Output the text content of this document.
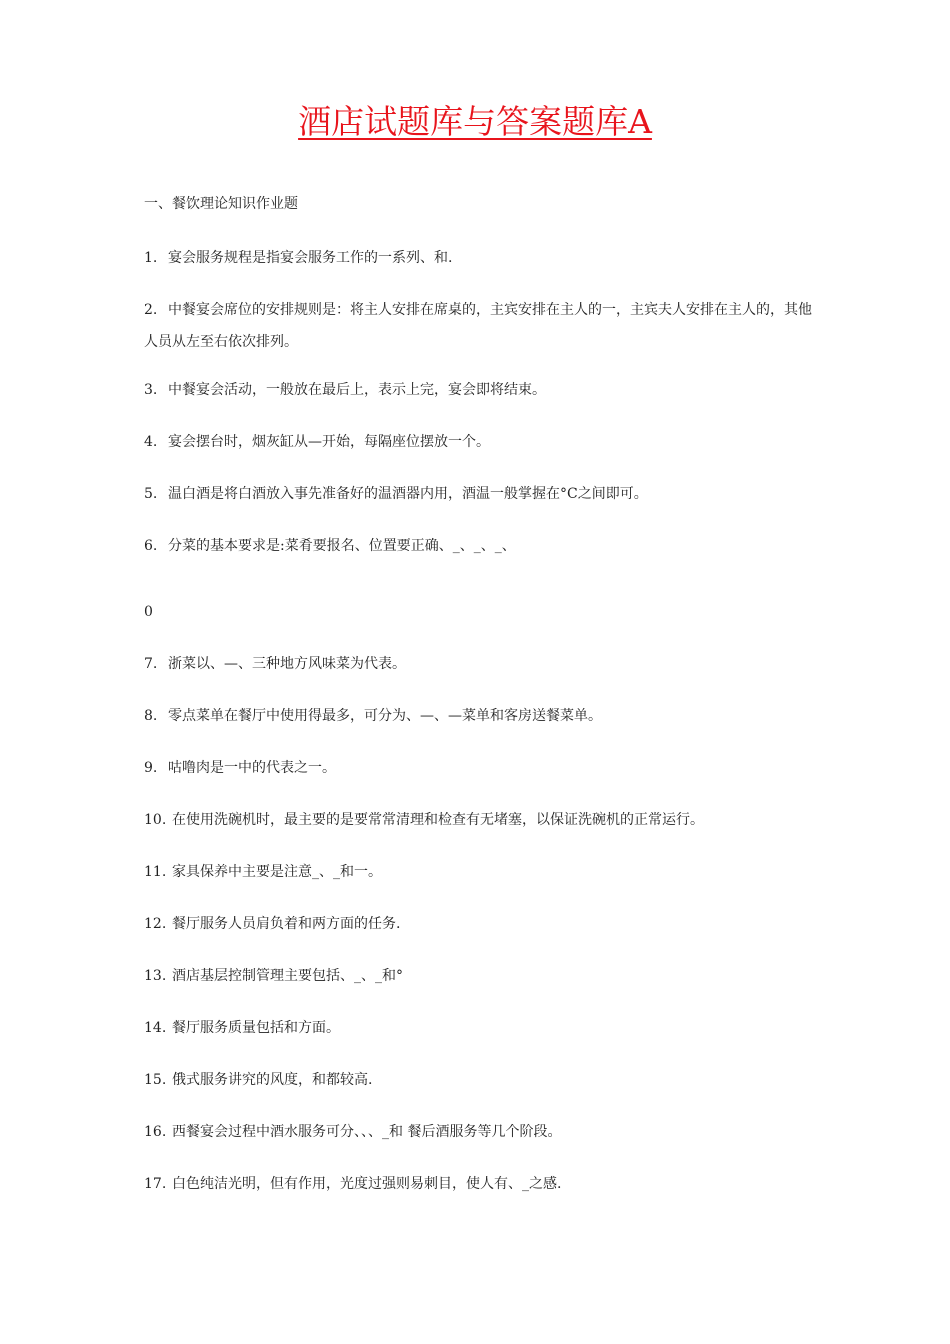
酒店试题库与答案题库A

一、餐饮理论知识作业题

1. 宴会服务规程是指宴会服务工作的一系列、和.

2. 中餐宴会席位的安排规则是：将主人安排在席桌的，主宾安排在主人的一，主宾夫人安排在主人的，其他人员从左至右依次排列。

3. 中餐宴会活动，一般放在最后上，表示上完，宴会即将结束。

4. 宴会摆台时，烟灰缸从—开始，每隔座位摆放一个。

5. 温白酒是将白酒放入事先准备好的温酒器内用，酒温一般掌握在°C之间即可。

6. 分菜的基本要求是:菜肴要报名、位置要正确、_、_、_、

0

7. 浙菜以、—、三种地方风味菜为代表。

8. 零点菜单在餐厅中使用得最多，可分为、—、—菜单和客房送餐菜单。

9. 咕噜肉是一中的代表之一。

10. 在使用洗碗机时，最主要的是要常常清理和检查有无堵塞，以保证洗碗机的正常运行。

11. 家具保养中主要是注意_、_和一。

12. 餐厅服务人员肩负着和两方面的任务.

13. 酒店基层控制管理主要包括、_、_和°

14. 餐厅服务质量包括和方面。

15. 俄式服务讲究的风度，和都较高.

16. 西餐宴会过程中酒水服务可分、、、_和 餐后酒服务等几个阶段。

17. 白色纯洁光明，但有作用，光度过强则易刺目，使人有、_之感.
